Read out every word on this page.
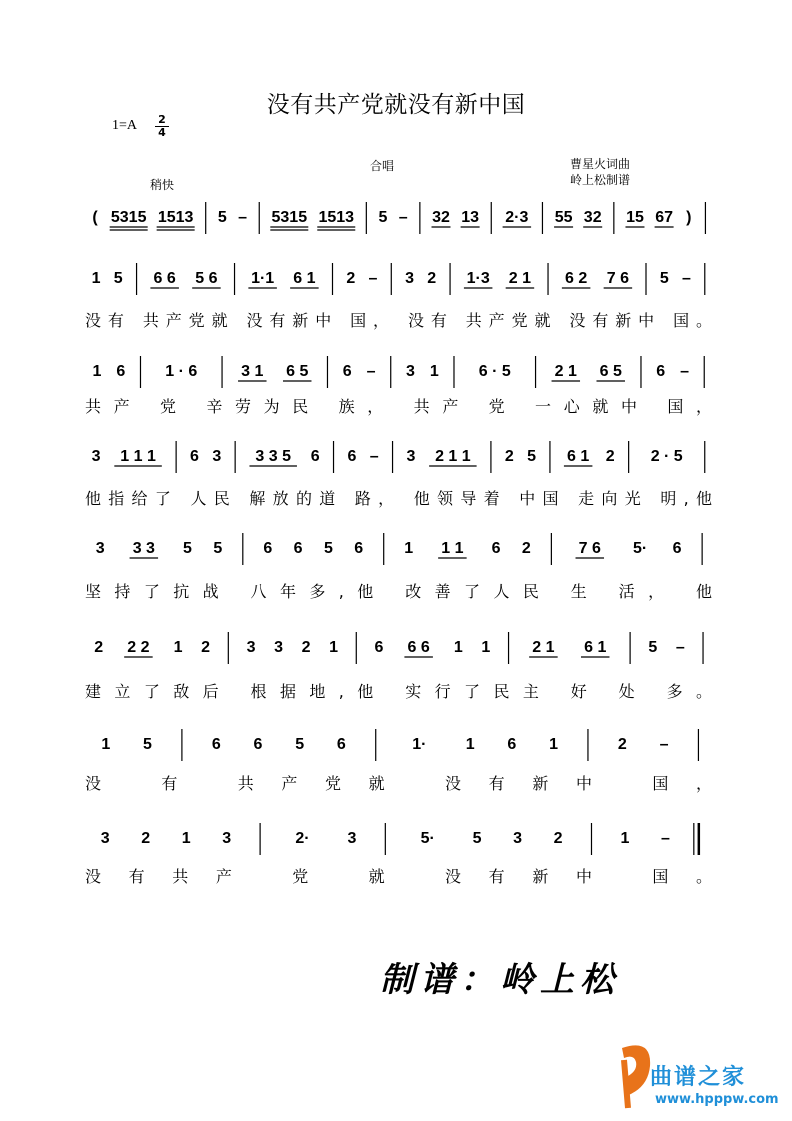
没有共产党就没有新中国
1=A 2
4
合唱	曹星火词曲
岭上松制谱
稍快
( 5315 1513 5 – 5315 1513 5 – 32 13 2·3 55 32 15 67 )
1 5 6 6 5 6 1·1 6 1 2 – 3 2 1·3 2 1 6 2 7 6 5 –
没有 共产党就 没有新中 国， 没有 共产党就 没有新中 国。
1 6	1 · 6	3 1 6 5 6 – 3 1	6 · 5	2 1 6 5 6 –
共产 党 辛劳为民 族， 共产 党 一心就中 国，
3 1 1 1 6 3 3 3 5 6 6 – 3 2 1 1 2 5 6 1 2 2 · 5
他指给了 人民 解放的道 路， 他领导着 中国 走向光 明,他
3 3 3 5 5	6 6 5 6	1 1 1 6 2	7 6 5· 6
坚持了抗战 八年多,他 改善了人民 生 活， 他
2 2 2 1 2 3 3 2 1 6 6 6 1 1	2 1 6 1	5 –
建立了敌后 根据地,他 实行了民主 好 处 多。
1 5	6 6 5 6	1· 1 6 1	2 –
没 有 共产党就 没有新中 国，
3 2 1 3	2· 3	5· 5 3 2	1 –
没有共产 党 就 没有新中 国。
制谱：岭上松
曲谱之家
www.hpppw.com
